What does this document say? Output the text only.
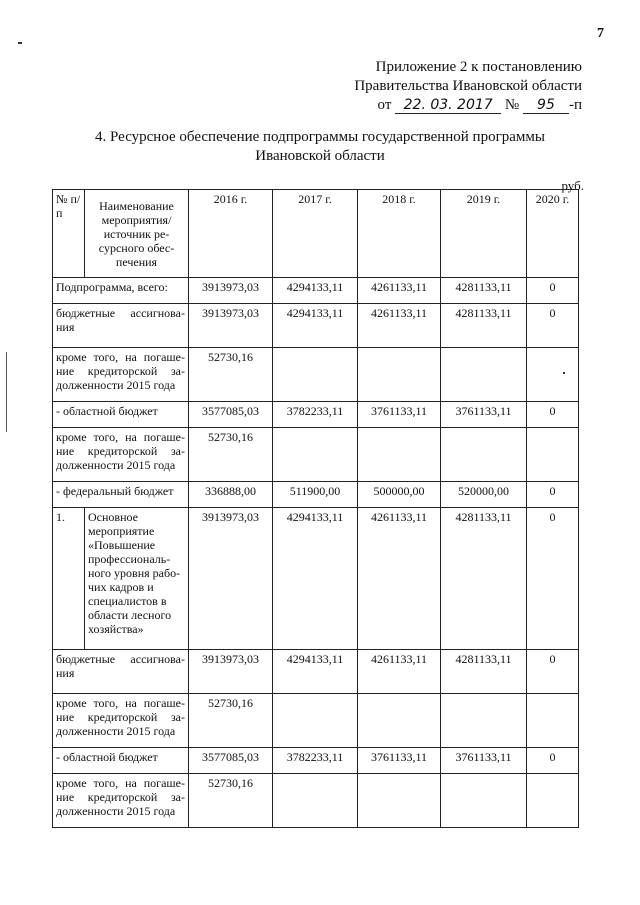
7
Приложение 2 к постановлению
Правительства Ивановской области
от 22. 03. 2017 № 95 -п
4. Ресурсное обеспечение подпрограммы государственной программы
Ивановской области
руб.
№ п/п	Наименование мероприятия/ источник ре-сурсного обес-печения	2016 г.	2017 г.	2018 г.	2019 г.	2020 г.
Подпрограмма, всего:		3913973,03	4294133,11	4261133,11	4281133,11	0
бюджетные ассигнова-ния		3913973,03	4294133,11	4261133,11	4281133,11	0
кроме того, на погаше-ние кредиторской за-долженности 2015 года		52730,16				
- областной бюджет		3577085,03	3782233,11	3761133,11	3761133,11	0
кроме того, на погаше-ние кредиторской за-долженности 2015 года		52730,16				
- федеральный бюджет		336888,00	511900,00	500000,00	520000,00	0
1.	Основное мероприятие «Повышение профессиональ-ного уровня рабо-чих кадров и специалистов в области лесного хозяйства»	3913973,03	4294133,11	4261133,11	4281133,11	0
бюджетные ассигнова-ния		3913973,03	4294133,11	4261133,11	4281133,11	0
кроме того, на погаше-ние кредиторской за-долженности 2015 года		52730,16				
- областной бюджет		3577085,03	3782233,11	3761133,11	3761133,11	0
кроме того, на погаше-ние кредиторской за-долженности 2015 года		52730,16				
